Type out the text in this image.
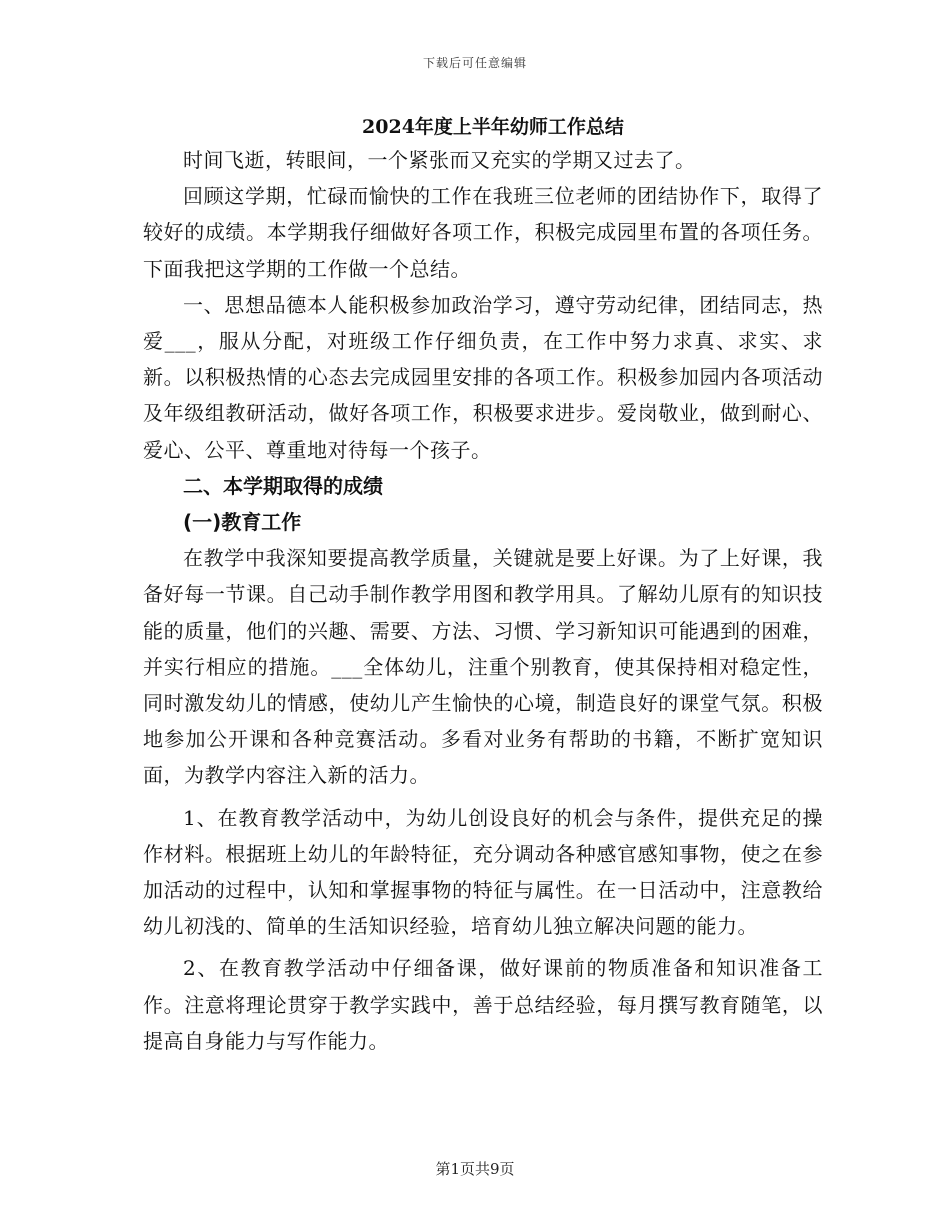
下载后可任意编辑
2024年度上半年幼师工作总结

时间飞逝，转眼间，一个紧张而又充实的学期又过去了。

回顾这学期，忙碌而愉快的工作在我班三位老师的团结协作下，取得了较好的成绩。本学期我仔细做好各项工作，积极完成园里布置的各项任务。下面我把这学期的工作做一个总结。

一、思想品德本人能积极参加政治学习，遵守劳动纪律，团结同志，热爱___，服从分配，对班级工作仔细负责，在工作中努力求真、求实、求新。以积极热情的心态去完成园里安排的各项工作。积极参加园内各项活动及年级组教研活动，做好各项工作，积极要求进步。爱岗敬业，做到耐心、爱心、公平、尊重地对待每一个孩子。

二、本学期取得的成绩

(一)教育工作

在教学中我深知要提高教学质量，关键就是要上好课。为了上好课，我备好每一节课。自己动手制作教学用图和教学用具。了解幼儿原有的知识技能的质量，他们的兴趣、需要、方法、习惯、学习新知识可能遇到的困难，并实行相应的措施。___全体幼儿，注重个别教育，使其保持相对稳定性，同时激发幼儿的情感，使幼儿产生愉快的心境，制造良好的课堂气氛。积极地参加公开课和各种竞赛活动。多看对业务有帮助的书籍，不断扩宽知识面，为教学内容注入新的活力。

1、在教育教学活动中，为幼儿创设良好的机会与条件，提供充足的操作材料。根据班上幼儿的年龄特征，充分调动各种感官感知事物，使之在参加活动的过程中，认知和掌握事物的特征与属性。在一日活动中，注意教给幼儿初浅的、简单的生活知识经验，培育幼儿独立解决问题的能力。

2、在教育教学活动中仔细备课，做好课前的物质准备和知识准备工作。注意将理论贯穿于教学实践中，善于总结经验，每月撰写教育随笔，以提高自身能力与写作能力。

第1页共9页
